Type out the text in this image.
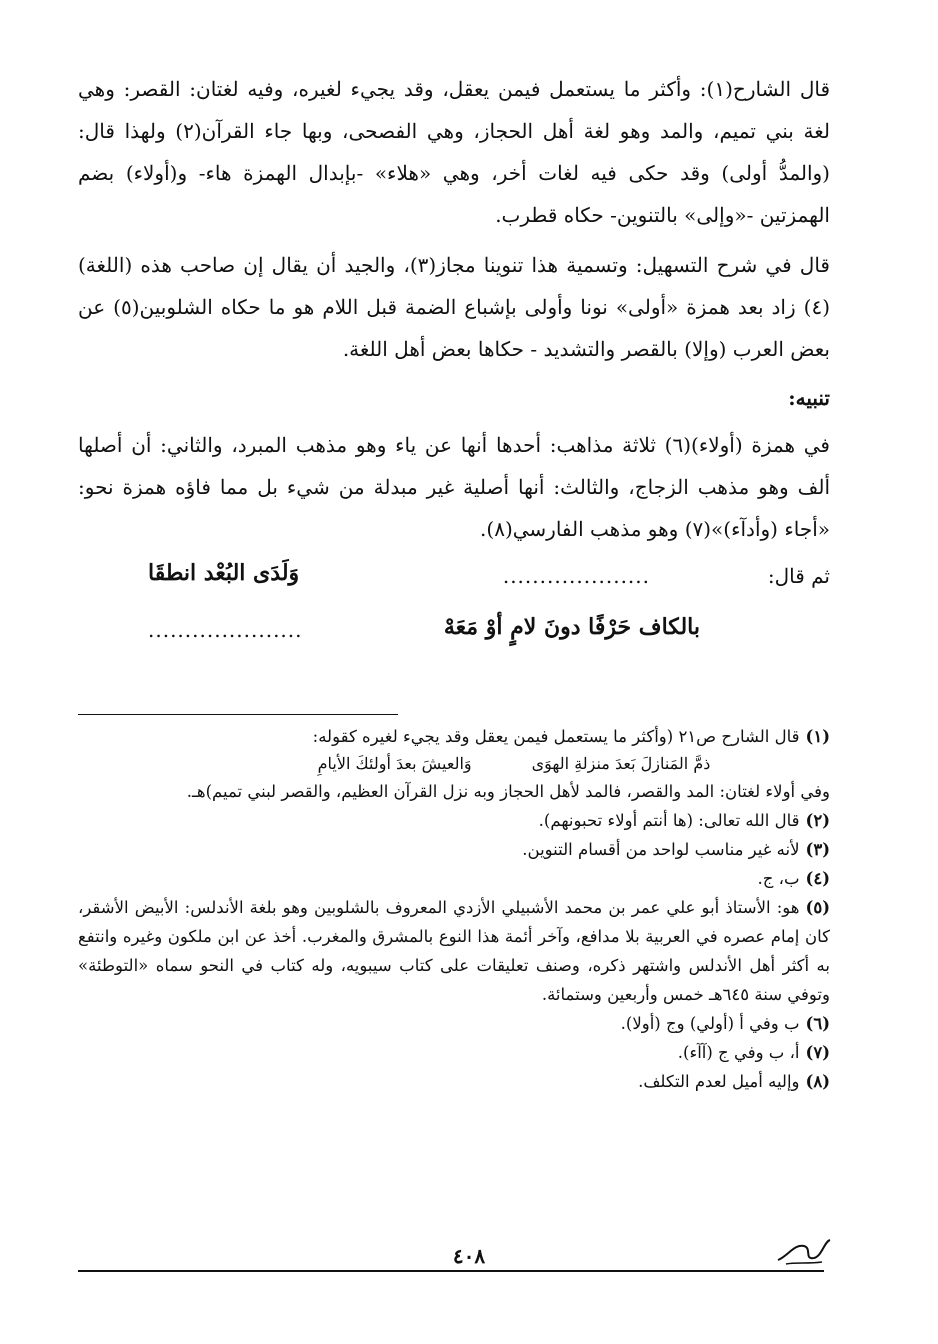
قال الشارح(١): وأكثر ما يستعمل فيمن يعقل، وقد يجيء لغيره، وفيه لغتان: القصر: وهي لغة بني تميم، والمد وهو لغة أهل الحجاز، وهي الفصحى، وبها جاء القرآن(٢) ولهذا قال: (والمدُّ أولى) وقد حكى فيه لغات أخر، وهي «هلاء» -بإبدال الهمزة هاء- و(أولاء) بضم الهمزتين -«وإلى» بالتنوين- حكاه قطرب.

قال في شرح التسهيل: وتسمية هذا تنوينا مجاز(٣)، والجيد أن يقال إن صاحب هذه (اللغة)(٤) زاد بعد همزة «أولى» نونا وأولى بإشباع الضمة قبل اللام هو ما حكاه الشلوبين(٥) عن بعض العرب (وإلا) بالقصر والتشديد - حكاها بعض أهل اللغة.

تنبيه:

في همزة (أولاء)(٦) ثلاثة مذاهب: أحدها أنها عن ياء وهو مذهب المبرد، والثاني: أن أصلها ألف وهو مذهب الزجاج، والثالث: أنها أصلية غير مبدلة من شيء بل مما فاؤه همزة نحو: «أجاء (وأدآء)»(٧) وهو مذهب الفارسي(٨).

ثم قال:
....................
وَلَدَى البُعْد انطقَا
بالكاف حَرْفًا دونَ لامٍ أوْ مَعَهْ
.....................

(١)قال الشارح ص٢١ (وأكثر ما يستعمل فيمن يعقل وقد يجيء لغيره كقوله:

ذمَّ المَنازلَ بَعدَ منزلةِ الهوَى
وَالعيشَ بعدَ أولئكَ الأيامِ

وفي أولاء لغتان: المد والقصر، فالمد لأهل الحجاز وبه نزل القرآن العظيم، والقصر لبني تميم)هـ.

(٢)قال الله تعالى: (ها أنتم أولاء تحبونهم).

(٣)لأنه غير مناسب لواحد من أقسام التنوين.

(٤)ب، ج.

(٥)هو: الأستاذ أبو علي عمر بن محمد الأشبيلي الأزدي المعروف بالشلوبين وهو بلغة الأندلس: الأبيض الأشقر، كان إمام عصره في العربية بلا مدافع، وآخر أئمة هذا النوع بالمشرق والمغرب. أخذ عن ابن ملكون وغيره وانتفع به أكثر أهل الأندلس واشتهر ذكره، وصنف تعليقات على كتاب سيبويه، وله كتاب في النحو سماه «التوطئة» وتوفي سنة ٦٤٥هـ خمس وأربعين وستمائة.

(٦)ب وفي أ (أولي) وج (أولا).

(٧)أ، ب وفي ج (آآء).

(٨)وإليه أميل لعدم التكلف.

٤٠٨
